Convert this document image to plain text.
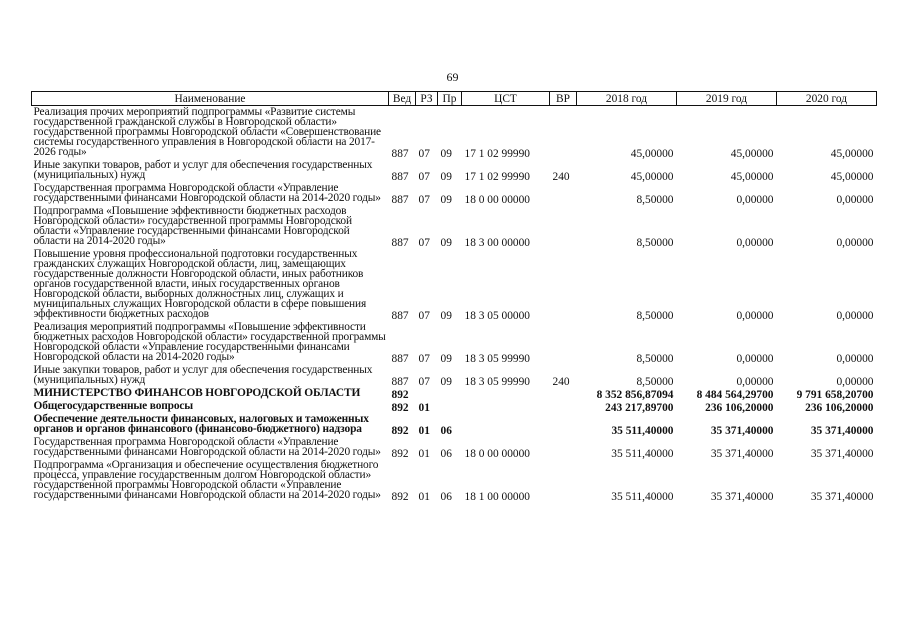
69
Наименование	Вед	РЗ	Пр	ЦСТ	ВР	2018 год	2019 год	2020 год
Реализация прочих мероприятий подпрограммы «Развитие системы государственной гражданской службы в Новгородской области» государственной программы Новгородской области «Совершенствование системы государственного управления в Новгородской области на 2017-2026 годы»	887	07	09	17 1 02 99990		45,00000	45,00000	45,00000
Иные закупки товаров, работ и услуг для обеспечения государственных (муниципальных) нужд	887	07	09	17 1 02 99990	240	45,00000	45,00000	45,00000
Государственная программа Новгородской области «Управление государственными финансами Новгородской области на 2014-2020 годы»	887	07	09	18 0 00 00000		8,50000	0,00000	0,00000
Подпрограмма «Повышение эффективности бюджетных расходов Новгородской области» государственной программы Новгородской области «Управление государственными финансами Новгородской области на 2014-2020 годы»	887	07	09	18 3 00 00000		8,50000	0,00000	0,00000
Повышение уровня профессиональной подготовки государственных гражданских служащих Новгородской области, лиц, замещающих государственные должности Новгородской области, иных работников органов государственной власти, иных государственных органов Новгородской области, выборных должностных лиц, служащих и муниципальных служащих Новгородской области в сфере повышения эффективности бюджетных расходов	887	07	09	18 3 05 00000		8,50000	0,00000	0,00000
Реализация мероприятий подпрограммы «Повышение эффективности бюджетных расходов Новгородской области» государственной программы Новгородской области «Управление государственными финансами Новгородской области на 2014-2020 годы»	887	07	09	18 3 05 99990		8,50000	0,00000	0,00000
Иные закупки товаров, работ и услуг для обеспечения государственных (муниципальных) нужд	887	07	09	18 3 05 99990	240	8,50000	0,00000	0,00000
МИНИСТЕРСТВО ФИНАНСОВ НОВГОРОДСКОЙ ОБЛАСТИ	892					8 352 856,87094	8 484 564,29700	9 791 658,20700
Общегосударственные вопросы	892	01				243 217,89700	236 106,20000	236 106,20000
Обеспечение деятельности финансовых, налоговых и таможенных органов и органов финансового (финансово-бюджетного) надзора	892	01	06			35 511,40000	35 371,40000	35 371,40000
Государственная программа Новгородской области «Управление государственными финансами Новгородской области на 2014-2020 годы»	892	01	06	18 0 00 00000		35 511,40000	35 371,40000	35 371,40000
Подпрограмма «Организация и обеспечение осуществления бюджетного процесса, управление государственным долгом Новгородской области» государственной программы Новгородской области «Управление государственными финансами Новгородской области на 2014-2020 годы»	892	01	06	18 1 00 00000		35 511,40000	35 371,40000	35 371,40000
